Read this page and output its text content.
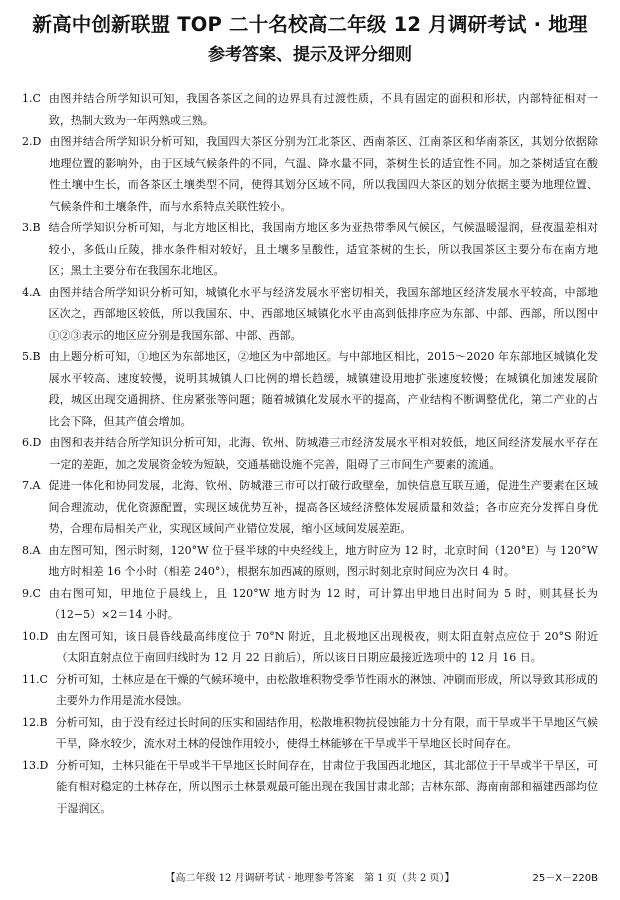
新高中创新联盟 TOP 二十名校高二年级 12 月调研考试 · 地理
参考答案、提示及评分细则
1.C 由图并结合所学知识可知，我国各茶区之间的边界具有过渡性质，不具有固定的面积和形状，内部特征相对一致，热制大致为一年两熟或三熟。
2.D 由图并结合所学知识分析可知，我国四大茶区分别为江北茶区、西南茶区、江南茶区和华南茶区，其划分依据除地理位置的影响外，由于区域气候条件的不同，气温、降水量不同，茶树生长的适宜性不同。加之茶树适宜在酸性土壤中生长，而各茶区土壤类型不同，使得其划分区域不同，所以我国四大茶区的划分依据主要为地理位置、气候条件和土壤条件，而与水系特点关联性较小。
3.B 结合所学知识分析可知，与北方地区相比，我国南方地区多为亚热带季风气候区，气候温暖湿润，昼夜温差相对较小，多低山丘陵，排水条件相对较好，且土壤多呈酸性，适宜茶树的生长，所以我国茶区主要分布在南方地区；黑土主要分布在我国东北地区。
4.A 由图并结合所学知识分析可知，城镇化水平与经济发展水平密切相关，我国东部地区经济发展水平较高，中部地区次之，西部地区较低，所以我国东、中、西部地区城镇化水平由高到低排序应为东部、中部、西部，所以图中①②③表示的地区应分别是我国东部、中部、西部。
5.B 由上题分析可知，①地区为东部地区，②地区为中部地区。与中部地区相比，2015～2020 年东部地区城镇化发展水平较高、速度较慢，说明其城镇人口比例的增长趋缓，城镇建设用地扩张速度较慢；在城镇化加速发展阶段，城区出现交通拥挤、住房紧张等问题；随着城镇化发展水平的提高，产业结构不断调整优化，第二产业的占比会下降，但其产值会增加。
6.D 由图和表并结合所学知识分析可知，北海、钦州、防城港三市经济发展水平相对较低，地区间经济发展水平存在一定的差距，加之发展资金较为短缺，交通基础设施不完善，阻碍了三市间生产要素的流通。
7.A 促进一体化和协同发展，北海、钦州、防城港三市可以打破行政壁垒，加快信息互联互通，促进生产要素在区域间合理流动，优化资源配置，实现区域优势互补，提高各区域经济整体发展质量和效益；各市应充分发挥自身优势，合理布局相关产业，实现区域间产业错位发展，缩小区域间发展差距。
8.A 由左图可知，图示时刻，120°W 位于昼半球的中央经线上，地方时应为 12 时，北京时间（120°E）与 120°W 地方时相差 16 个小时（相差 240°），根据东加西减的原则，图示时刻北京时间应为次日 4 时。
9.C 由右图可知，甲地位于晨线上，且 120°W 地方时为 12 时，可计算出甲地日出时间为 5 时，则其昼长为（12−5）×2＝14 小时。
10.D 由左图可知，该日晨昏线最高纬度位于 70°N 附近，且北极地区出现极夜，则太阳直射点应位于 20°S 附近（太阳直射点位于南回归线时为 12 月 22 日前后），所以该日日期应最接近选项中的 12 月 16 日。
11.C 分析可知，土林应是在干燥的气候环境中，由松散堆积物受季节性雨水的淋蚀、冲刷而形成，所以导致其形成的主要外力作用是流水侵蚀。
12.B 分析可知，由于没有经过长时间的压实和固结作用，松散堆积物抗侵蚀能力十分有限，而干旱或半干旱地区气候干旱，降水较少，流水对土林的侵蚀作用较小，使得土林能够在干旱或半干旱地区长时间存在。
13.D 分析可知，土林只能在干旱或半干旱地区长时间存在，甘肃位于我国西北地区，其北部位于干旱或半干旱区，可能有相对稳定的土林存在，所以图示土林景观最可能出现在我国甘肃北部；吉林东部、海南南部和福建西部均位于湿润区。
【高二年级 12 月调研考试 · 地理参考答案　第 1 页（共 2 页）】	25－X－220B
